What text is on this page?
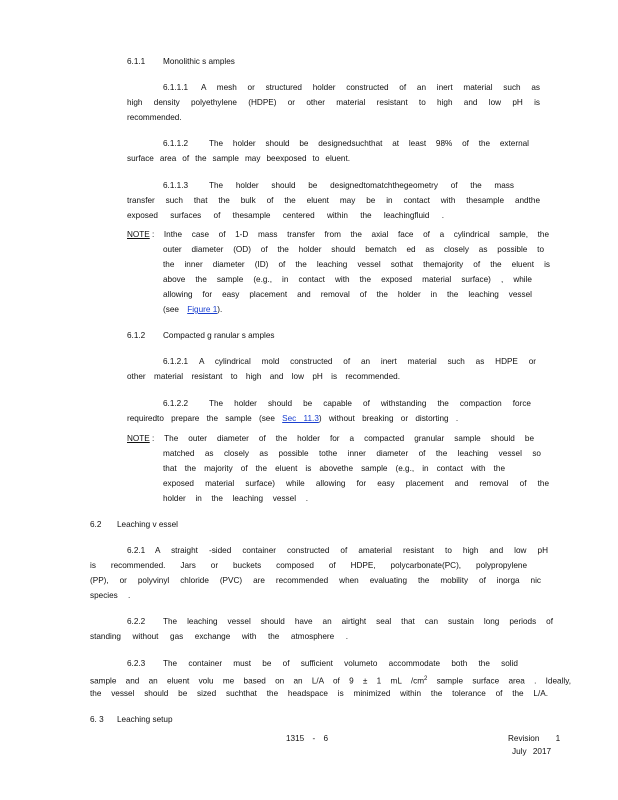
6.1.1 Monolithic s amples
6.1.1.1 A mesh or structured holder constructed of an inert material such as
high density polyethylene (HDPE) or other material resistant to high and low pH is
recommended.
6.1.1.2	The holder should be designedsuchthat at least 98% of the external
surface area of the sample may beexposed to eluent.
6.1.1.3	The holder should be designedtomatchthegeometry of the mass
transfer such that the bulk of the eluent may be in contact with thesample andthe
exposed surfaces of thesample centered within the leachingfluid .
NOTE : Inthe case of 1-D mass transfer from the axial face of a cylindrical sample, the
outer diameter (OD) of the holder should bematch ed as closely as possible to
the inner diameter (ID) of the leaching vessel sothat themajority of the eluent is
above the sample (e.g., in contact with the exposed material surface) , while
allowing for easy placement and removal of the holder in the leaching vessel
(see Figure 1).
6.1.2 Compacted g ranular s amples
6.1.2.1 A cylindrical mold constructed of an inert material such as HDPE or
other material resistant to high and low pH is recommended.
6.1.2.2	The holder should be capable of withstanding the compaction force
requiredto prepare the sample (see Sec 11.3) without breaking or distorting .
NOTE : The outer diameter of the holder for a compacted granular sample should be
matched as closely as possible tothe inner diameter of the leaching vessel so
that the majority of the eluent is abovethe sample (e.g., in contact with the
exposed material surface) while allowing for easy placement and removal of the
holder in the leaching vessel .
6.2 Leaching v essel
6.2.1 A straight -sided container constructed of amaterial resistant to high and low pH
is recommended. Jars or buckets composed of HDPE, polycarbonate(PC), polypropylene
(PP), or polyvinyl chloride (PVC) are recommended when evaluating the mobility of inorga nic
species .
6.2.2 The leaching vessel should have an airtight seal that can sustain long periods of
standing without gas exchange with the atmosphere .
6.2.3 The container must be of sufficient volumeto accommodate both the solid
sample and an eluent volu me based on an L/A of 9 ± 1 mL $/cm^2$ sample surface area . Ideally,
the vessel should be sized suchthat the headspace is minimized within the tolerance of the L/A.
6. 3 Leaching setup
1315 - 6	Revision 1
July 2017
